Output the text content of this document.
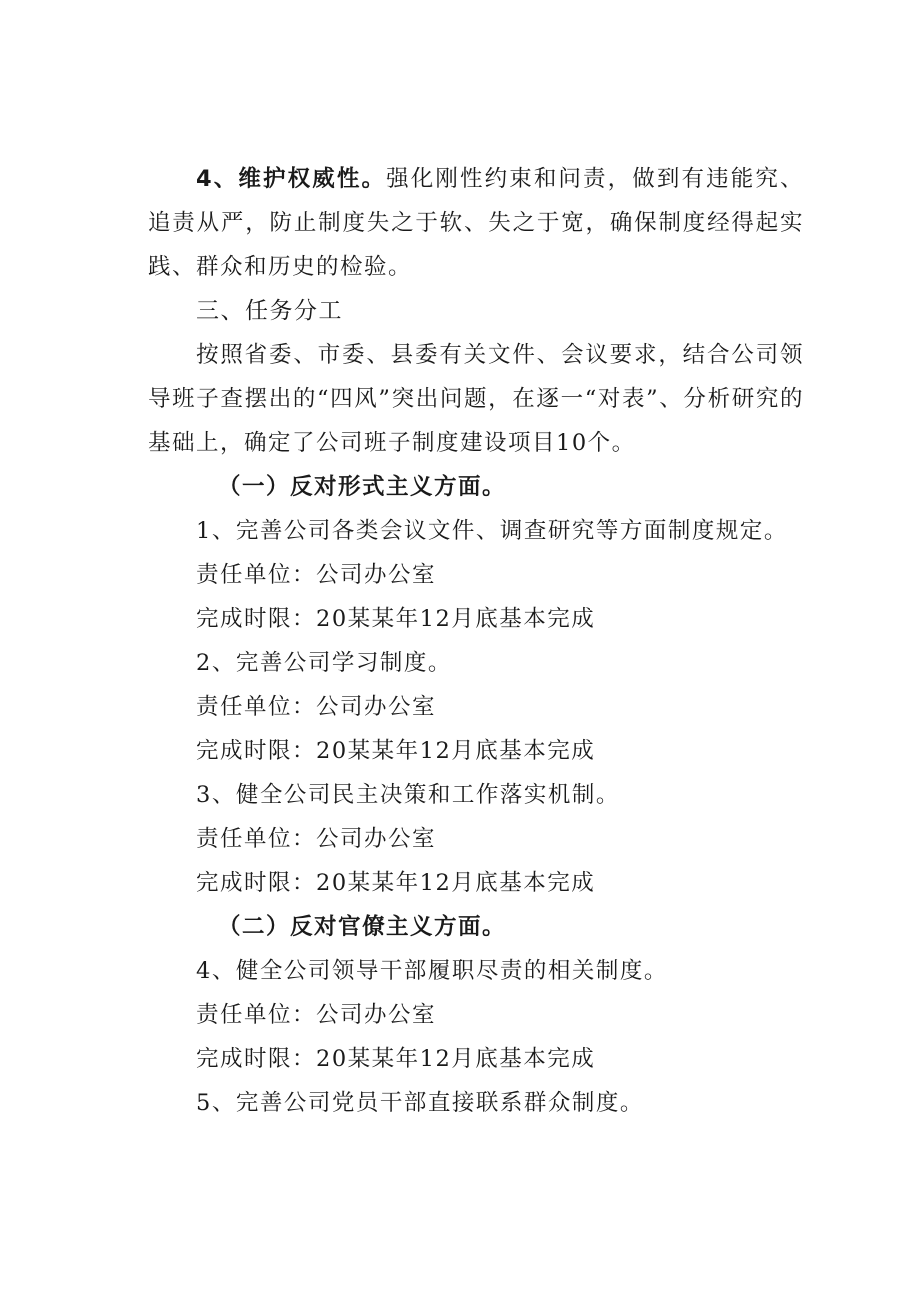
4、维护权威性。强化刚性约束和问责，做到有违能究、追责从严，防止制度失之于软、失之于宽，确保制度经得起实践、群众和历史的检验。

三、任务分工

按照省委、市委、县委有关文件、会议要求，结合公司领导班子查摆出的“四风”突出问题，在逐一“对表”、分析研究的基础上，确定了公司班子制度建设项目10个。

（一）反对形式主义方面。

1、完善公司各类会议文件、调查研究等方面制度规定。

责任单位：公司办公室

完成时限：20某某年12月底基本完成

2、完善公司学习制度。

责任单位：公司办公室

完成时限：20某某年12月底基本完成

3、健全公司民主决策和工作落实机制。

责任单位：公司办公室

完成时限：20某某年12月底基本完成

（二）反对官僚主义方面。

4、健全公司领导干部履职尽责的相关制度。

责任单位：公司办公室

完成时限：20某某年12月底基本完成

5、完善公司党员干部直接联系群众制度。
